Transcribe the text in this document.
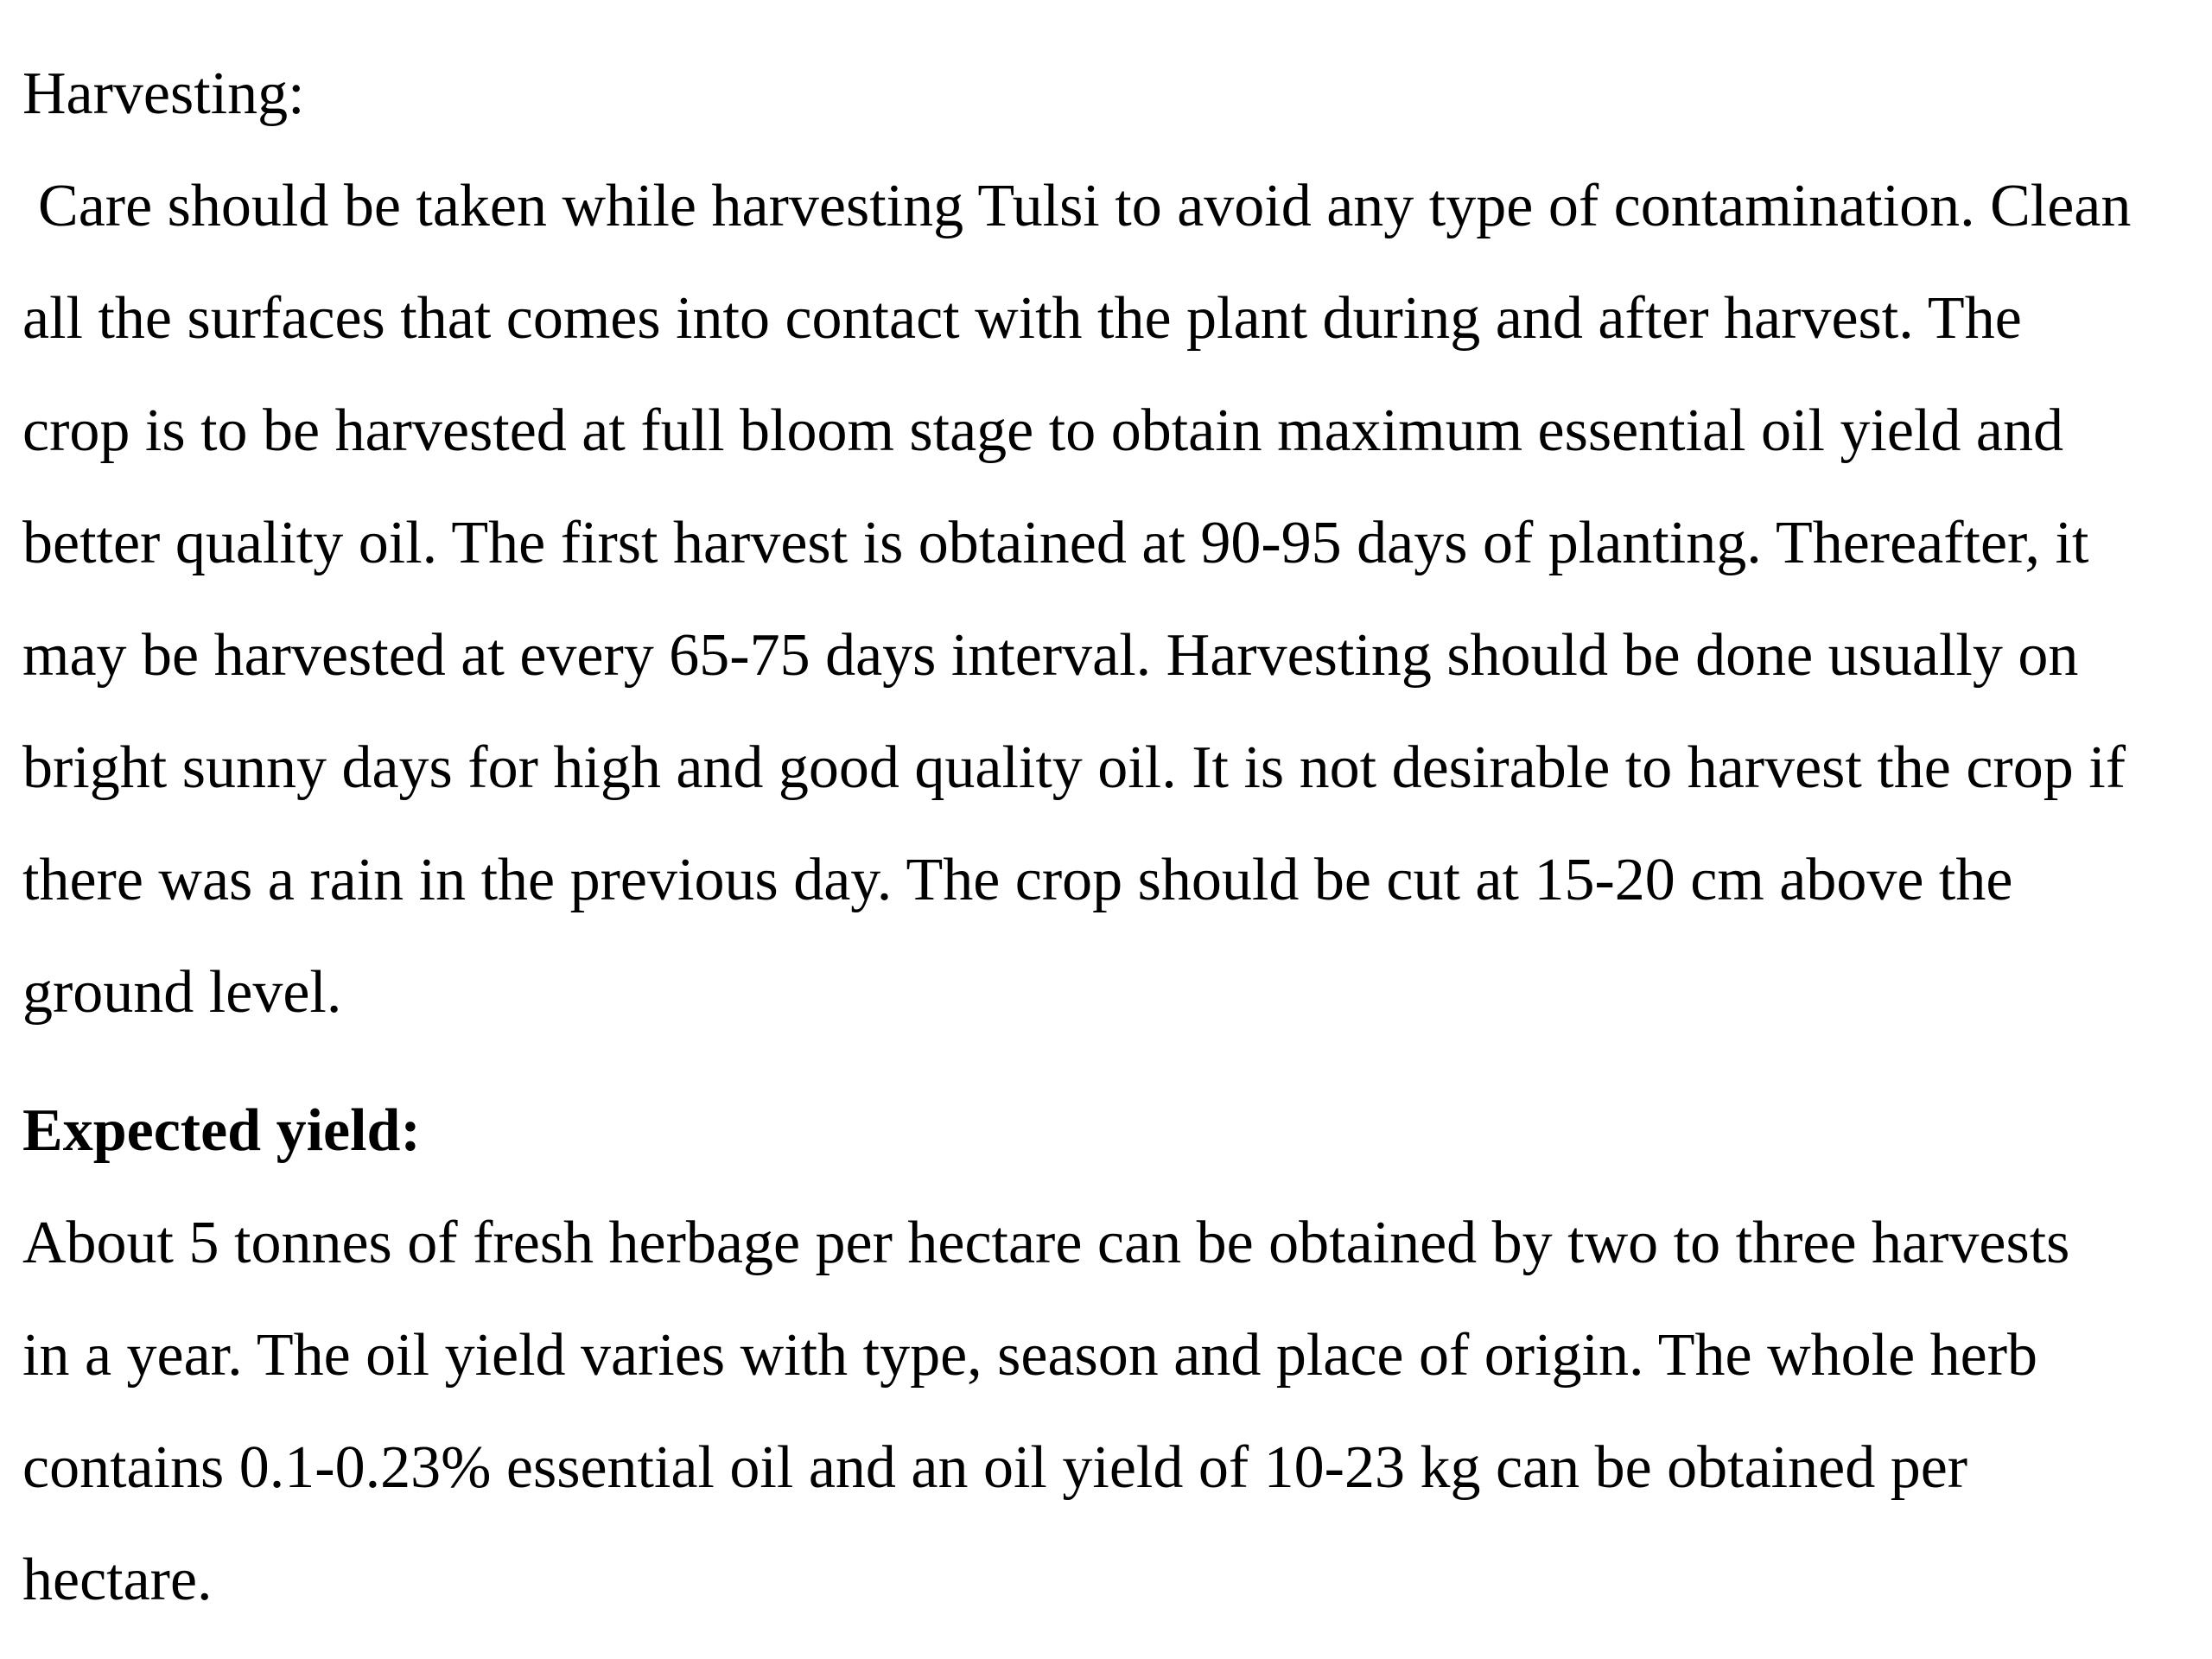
Harvesting:

Care should be taken while harvesting Tulsi to avoid any type of contamination. Clean

all the surfaces that comes into contact with the plant during and after harvest. The

crop is to be harvested at full bloom stage to obtain maximum essential oil yield and

better quality oil. The first harvest is obtained at 90-95 days of planting. Thereafter, it

may be harvested at every 65-75 days interval. Harvesting should be done usually on

bright sunny days for high and good quality oil. It is not desirable to harvest the crop if

there was a rain in the previous day. The crop should be cut at 15-20 cm above the

ground level.

Expected yield:

About 5 tonnes of fresh herbage per hectare can be obtained by two to three harvests

in a year. The oil yield varies with type, season and place of origin. The whole herb

contains 0.1-0.23% essential oil and an oil yield of 10-23 kg can be obtained per

hectare.
